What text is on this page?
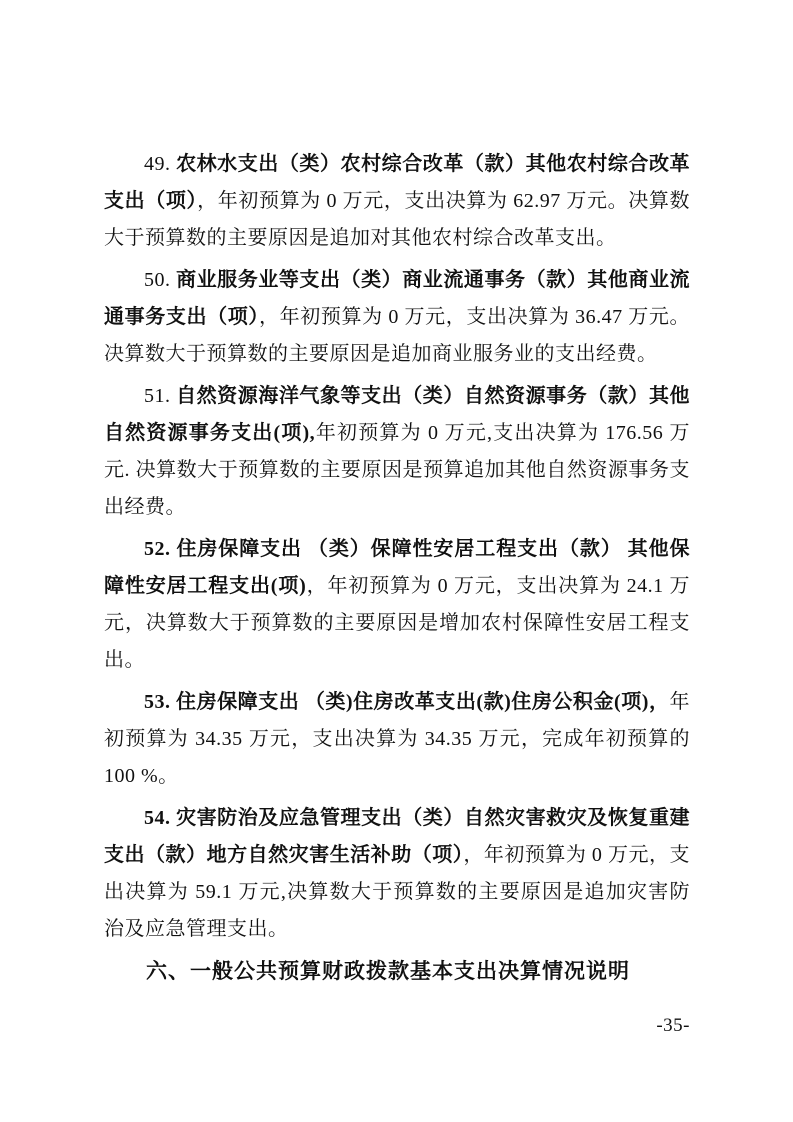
49. 农林水支出（类）农村综合改革（款）其他农村综合改革支出（项），年初预算为 0 万元，支出决算为 62.97 万元。决算数大于预算数的主要原因是追加对其他农村综合改革支出。

50. 商业服务业等支出（类）商业流通事务（款）其他商业流通事务支出（项），年初预算为 0 万元，支出决算为 36.47 万元。决算数大于预算数的主要原因是追加商业服务业的支出经费。

51. 自然资源海洋气象等支出（类）自然资源事务（款）其他自然资源事务支出(项),年初预算为 0 万元,支出决算为 176.56 万元. 决算数大于预算数的主要原因是预算追加其他自然资源事务支出经费。

52. 住房保障支出 （类）保障性安居工程支出（款） 其他保障性安居工程支出(项)，年初预算为 0 万元，支出决算为 24.1 万元，决算数大于预算数的主要原因是增加农村保障性安居工程支出。

53. 住房保障支出 （类)住房改革支出(款)住房公积金(项)，年初预算为 34.35 万元，支出决算为 34.35 万元，完成年初预算的 100 %。

54. 灾害防治及应急管理支出（类）自然灾害救灾及恢复重建支出（款）地方自然灾害生活补助（项），年初预算为 0 万元，支出决算为 59.1 万元,决算数大于预算数的主要原因是追加灾害防治及应急管理支出。

六、一般公共预算财政拨款基本支出决算情况说明
-35-
